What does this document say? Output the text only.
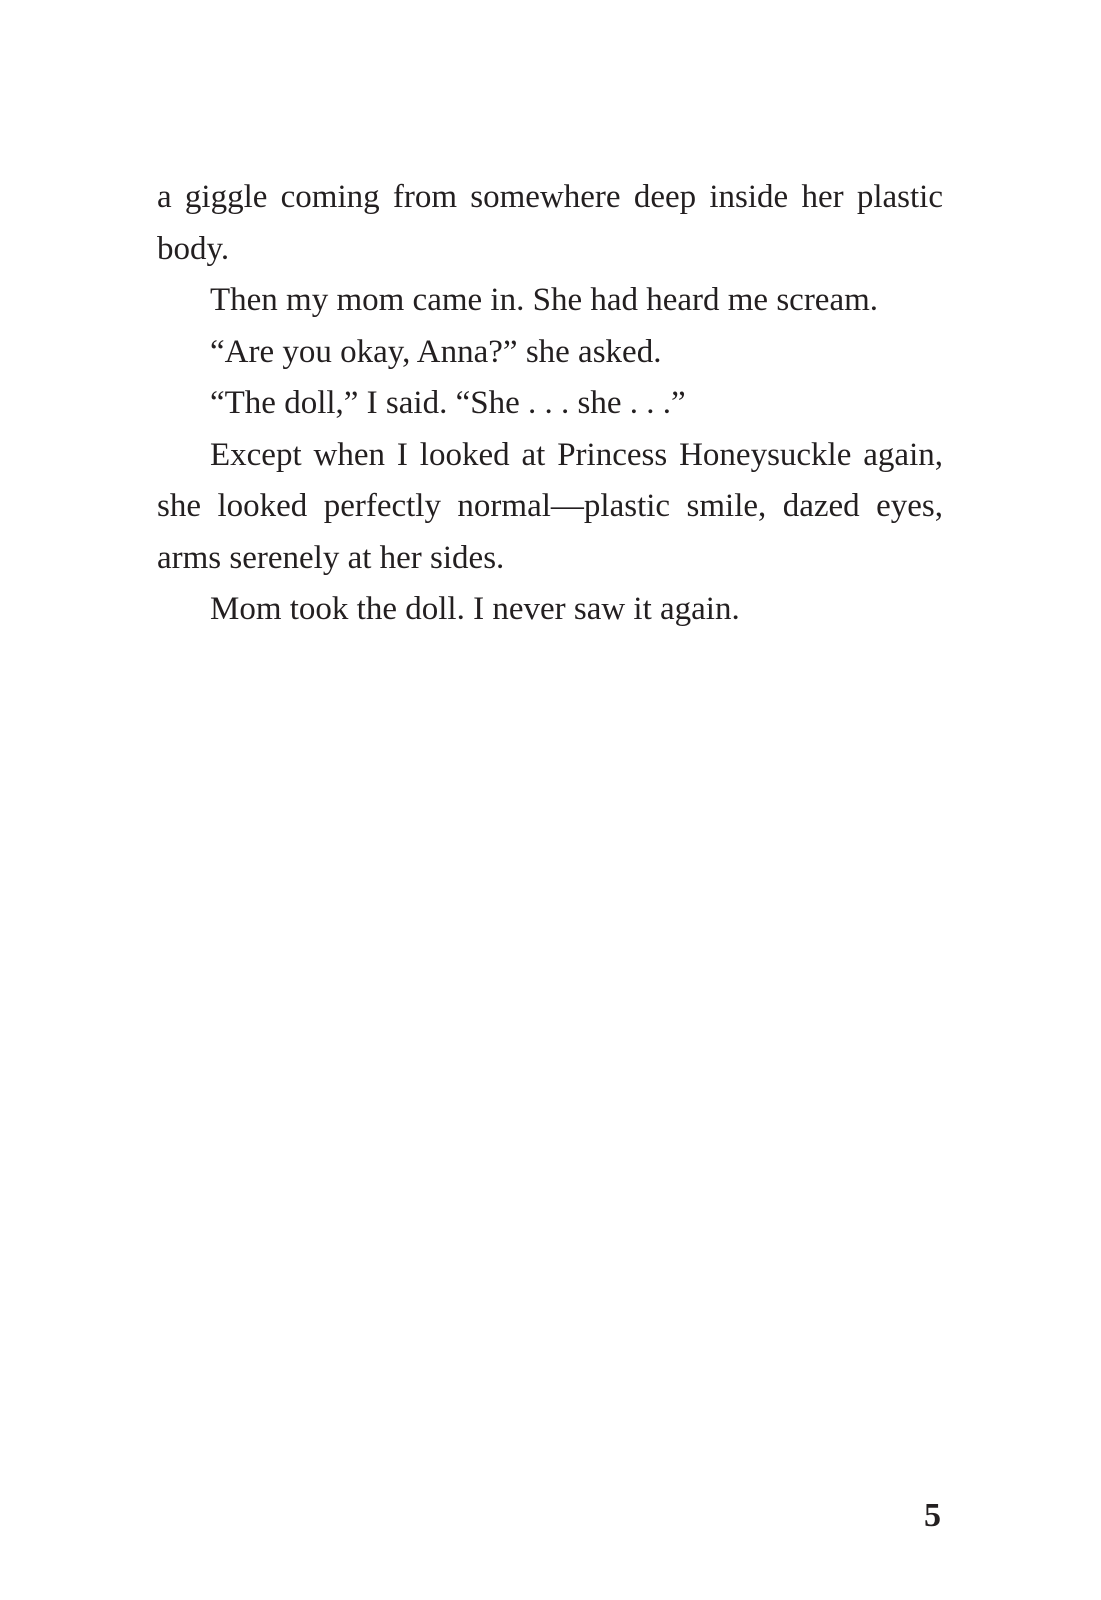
a giggle coming from somewhere deep inside her plastic body.

Then my mom came in. She had heard me scream.

“Are you okay, Anna?” she asked.

“The doll,” I said. “She . . . she . . .”

Except when I looked at Princess Honeysuckle again, she looked perfectly normal—plastic smile, dazed eyes, arms serenely at her sides.

Mom took the doll. I never saw it again.

5
